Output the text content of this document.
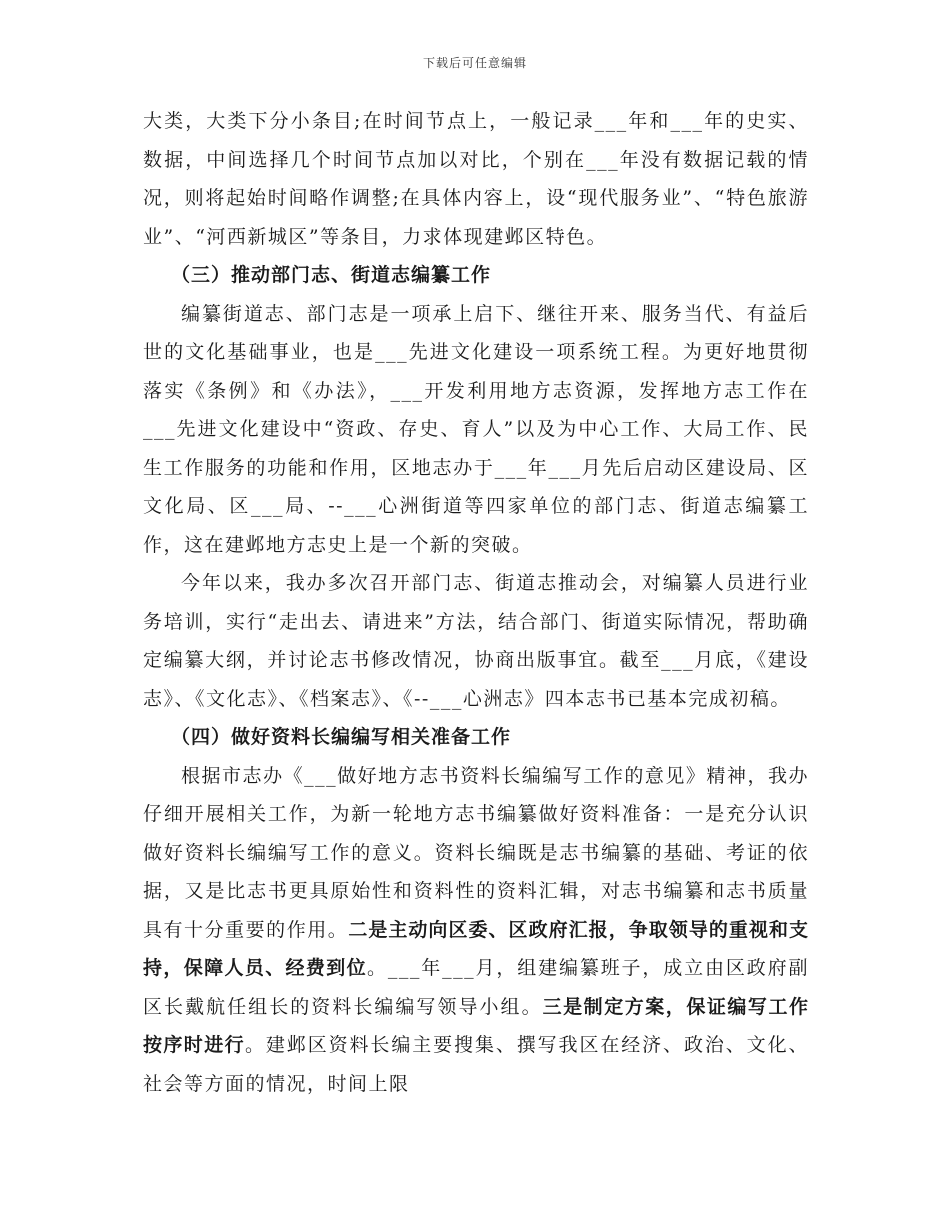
下载后可任意编辑

大类，大类下分小条目;在时间节点上，一般记录___年和___年的史实、数据，中间选择几个时间节点加以对比，个别在___年没有数据记载的情况，则将起始时间略作调整;在具体内容上，设“现代服务业”、“特色旅游业”、“河西新城区”等条目，力求体现建邺区特色。

（三）推动部门志、街道志编纂工作

编纂街道志、部门志是一项承上启下、继往开来、服务当代、有益后世的文化基础事业，也是___先进文化建设一项系统工程。为更好地贯彻落实《条例》和《办法》，___开发利用地方志资源，发挥地方志工作在___先进文化建设中“资政、存史、育人”以及为中心工作、大局工作、民生工作服务的功能和作用，区地志办于___年___月先后启动区建设局、区文化局、区___局、--___心洲街道等四家单位的部门志、街道志编纂工作，这在建邺地方志史上是一个新的突破。

今年以来，我办多次召开部门志、街道志推动会，对编纂人员进行业务培训，实行“走出去、请进来”方法，结合部门、街道实际情况，帮助确定编纂大纲，并讨论志书修改情况，协商出版事宜。截至___月底，《建设志》、《文化志》、《档案志》、《--___心洲志》四本志书已基本完成初稿。

（四）做好资料长编编写相关准备工作

根据市志办《___做好地方志书资料长编编写工作的意见》精神，我办仔细开展相关工作，为新一轮地方志书编纂做好资料准备：一是充分认识做好资料长编编写工作的意义。资料长编既是志书编纂的基础、考证的依据，又是比志书更具原始性和资料性的资料汇辑，对志书编纂和志书质量具有十分重要的作用。二是主动向区委、区政府汇报，争取领导的重视和支持，保障人员、经费到位。___年___月，组建编纂班子，成立由区政府副区长戴航任组长的资料长编编写领导小组。三是制定方案，保证编写工作按序时进行。建邺区资料长编主要搜集、撰写我区在经济、政治、文化、社会等方面的情况，时间上限
